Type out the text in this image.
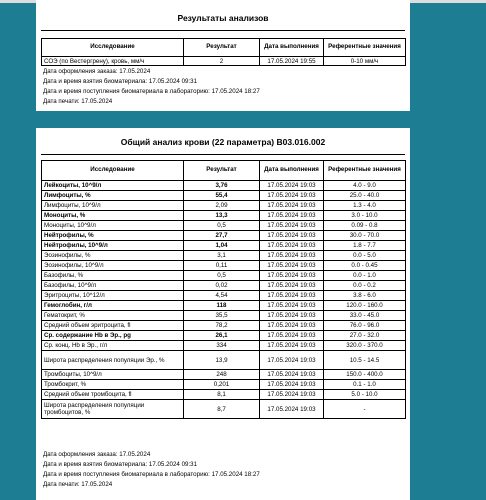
Результаты анализов
Исследование	Результат	Дата выполнения	Референтные значения
СОЭ (по Вестергрену), кровь, мм/ч	2	17.05.2024 19:55	0-10 мм/ч
Дата оформления заказа: 17.05.2024
Дата и время взятия биоматериала: 17.05.2024 09:31
Дата и время поступления биоматериала в лабораторию: 17.05.2024 18:27
Дата печати: 17.05.2024
Общий анализ крови (22 параметра) B03.016.002
Исследование	Результат	Дата выполнения	Референтные значения
Лейкоциты, 10^9/л	3,76	17.05.2024 19:03	4.0 - 9.0
Лимфоциты, %	55,4	17.05.2024 19:03	25.0 - 40.0
Лимфоциты, 10^9/л	2,09	17.05.2024 19:03	1.3 - 4.0
Моноциты, %	13,3	17.05.2024 19:03	3.0 - 10.0
Моноциты, 10^9/л	0,5	17.05.2024 19:03	0.09 - 0.8
Нейтрофилы, %	27,7	17.05.2024 19:03	30.0 - 70.0
Нейтрофилы, 10^9/л	1,04	17.05.2024 19:03	1.8 - 7.7
Эозинофилы, %	3,1	17.05.2024 19:03	0.0 - 5.0
Эозинофилы, 10^9/л	0,11	17.05.2024 19:03	0.0 - 0.45
Базофилы, %	0,5	17.05.2024 19:03	0.0 - 1.0
Базофилы, 10^9/л	0,02	17.05.2024 19:03	0.0 - 0.2
Эритроциты, 10^12/л	4,54	17.05.2024 19:03	3.8 - 6.0
Гемоглобин, г/л	118	17.05.2024 19:03	120.0 - 160.0
Гематокрит, %	35,5	17.05.2024 19:03	33.0 - 45.0
Средний объем эритроцита, fl	78,2	17.05.2024 19:03	76.0 - 96.0
Ср. содержание Hb в Эр., pg	26,1	17.05.2024 19:03	27.0 - 32.0
Ср. конц. Hb в Эр., г/л	334	17.05.2024 19:03	320.0 - 370.0
Широта распределения популяции Эр., %	13,9	17.05.2024 19:03	10.5 - 14.5
Тромбоциты, 10^9/л	248	17.05.2024 19:03	150.0 - 400.0
Тромбокрит, %	0,201	17.05.2024 19:03	0.1 - 1.0
Средний объем тромбоцита, fl	8,1	17.05.2024 19:03	5.0 - 10.0
Широта распределения популяции тромбоцитов, %	8,7	17.05.2024 19:03	-
Дата оформления заказа: 17.05.2024
Дата и время взятия биоматериала: 17.05.2024 09:31
Дата и время поступления биоматериала в лабораторию: 17.05.2024 18:27
Дата печати: 17.05.2024
